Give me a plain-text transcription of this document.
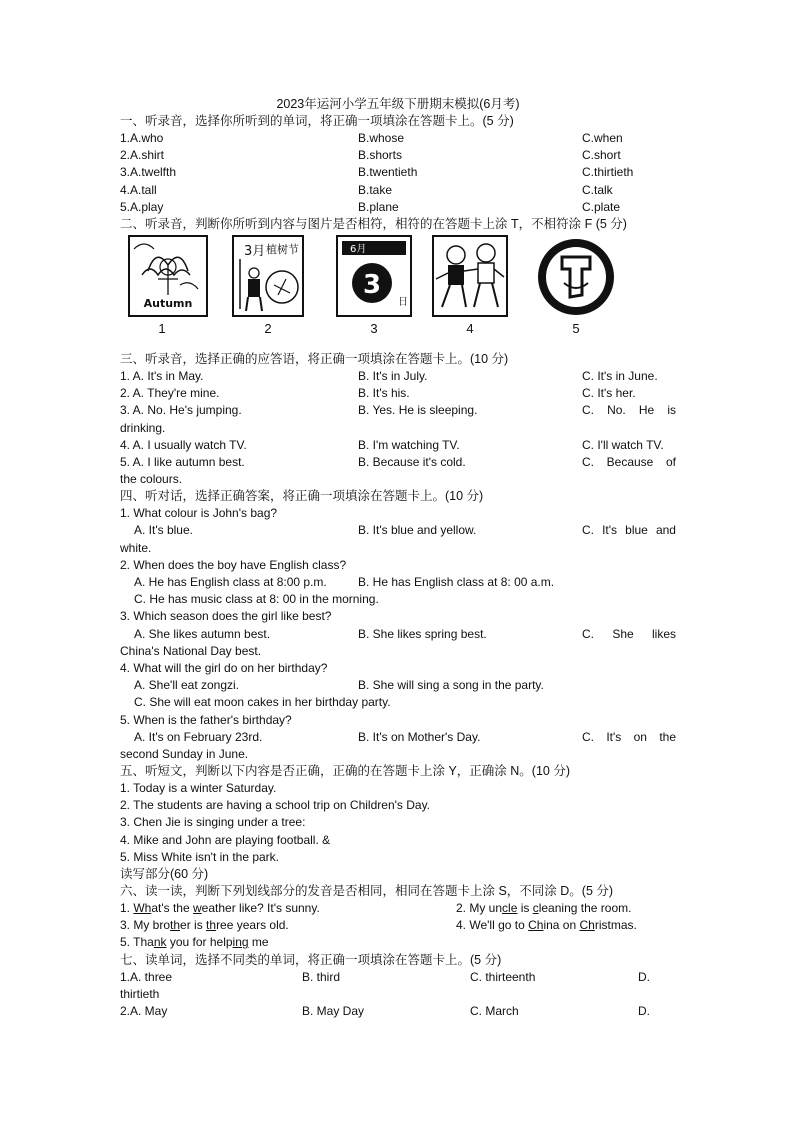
2023年运河小学五年级下册期末模拟(6月考)
一、听录音，选择你所听到的单词，将正确一项填涂在答题卡上。(5 分)
1.A.who	B.whose	C.when
2.A.shirt	B.shorts	C.short
3.A.twelfth	B.twentieth	C.thirtieth
4.A.tall	B.take	C.talk
5.A.play	B.plane	C.plate
二、听录音，判断你所听到内容与图片是否相符，相符的在答题卡上涂 T，不相符涂 F (5 分)
Autumn
3月 植树节	6月
3
日
1	2	3	4	5
三、听录音，选择正确的应答语，将正确一项填涂在答题卡上。(10 分)
1. A. It's in May.	B. It's in July.	C. It's in June.
2. A. They're mine.	B. It's his.	C. It's her.
3. A. No. He's jumping.	B. Yes. He is sleeping.	C. No. He is
drinking.
4. A. I usually watch TV.	B. I'm watching TV.	C. I'll watch TV.
5. A. I like autumn best.	B. Because it's cold.	C. Because of
the colours.
四、听对话，选择正确答案，将正确一项填涂在答题卡上。(10 分)
1. What colour is John's bag?
A. It's blue.	B. It's blue and yellow.	C. It's blue and
white.
2. When does the boy have English class?
A. He has English class at 8:00 p.m.	B. He has English class at 8: 00 a.m.
C. He has music class at 8: 00 in the morning.
3. Which season does the girl like best?
A. She likes autumn best.	B. She likes spring best.	C. She likes
China's National Day best.
4. What will the girl do on her birthday?
A. She'll eat zongzi.	B. She will sing a song in the party.
C. She will eat moon cakes in her birthday party.
5. When is the father's birthday?
A. It's on February 23rd.	B. It's on Mother's Day.	C. It's on the
second Sunday in June.
五、听短文，判断以下内容是否正确，正确的在答题卡上涂 Y，正确涂 N。(10 分)
1. Today is a winter Saturday.
2. The students are having a school trip on Children's Day.
3. Chen Jie is singing under a tree:
4. Mike and John are playing football. &
5. Miss White isn't in the park.
读写部分(60 分)
六、读一读，判断下列划线部分的发音是否相同，相同在答题卡上涂 S，不同涂 D。(5 分)
1. What's the weather like? It's sunny.	2. My uncle is cleaning the room.
3. My brother is three years old.	4. We'll go to China on Christmas.
5. Thank you for helping me
七、读单词，选择不同类的单词，将正确一项填涂在答题卡上。(5 分)
1.A. three	B. third	C. thirteenth	D.
thirtieth
2.A. May	B. May Day	C. March	D.
